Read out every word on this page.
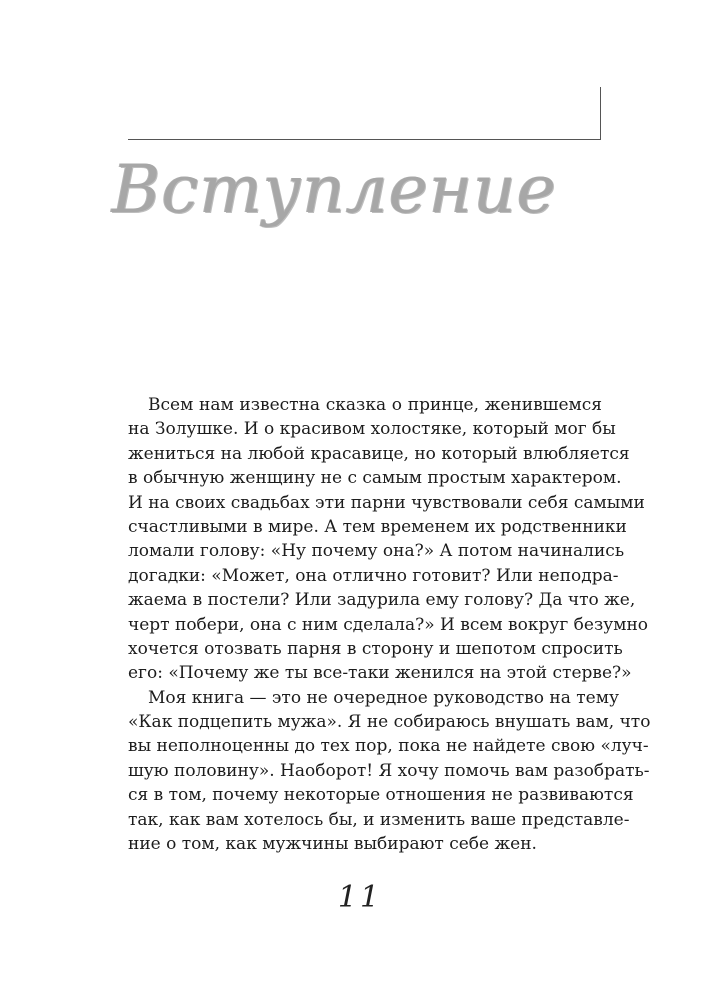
Вступление
Всем нам известна сказка о принце, женившемся
на Золушке. И о красивом холостяке, который мог бы
жениться на любой красавице, но который влюбляется
в обычную женщину не с самым простым характером.
И на своих свадьбах эти парни чувствовали себя самыми
счастливыми в мире. А тем временем их родственники
ломали голову: «Ну почему она?» А потом начинались
догадки: «Может, она отлично готовит? Или неподра-
жаема в постели? Или задурила ему голову? Да что же,
черт побери, она с ним сделала?» И всем вокруг безумно
хочется отозвать парня в сторону и шепотом спросить
его: «Почему же ты все-таки женился на этой стерве?»
Моя книга — это не очередное руководство на тему
«Как подцепить мужа». Я не собираюсь внушать вам, что
вы неполноценны до тех пор, пока не найдете свою «луч-
шую половину». Наоборот! Я хочу помочь вам разобрать-
ся в том, почему некоторые отношения не развиваются
так, как вам хотелось бы, и изменить ваше представле-
ние о том, как мужчины выбирают себе жен.
11
